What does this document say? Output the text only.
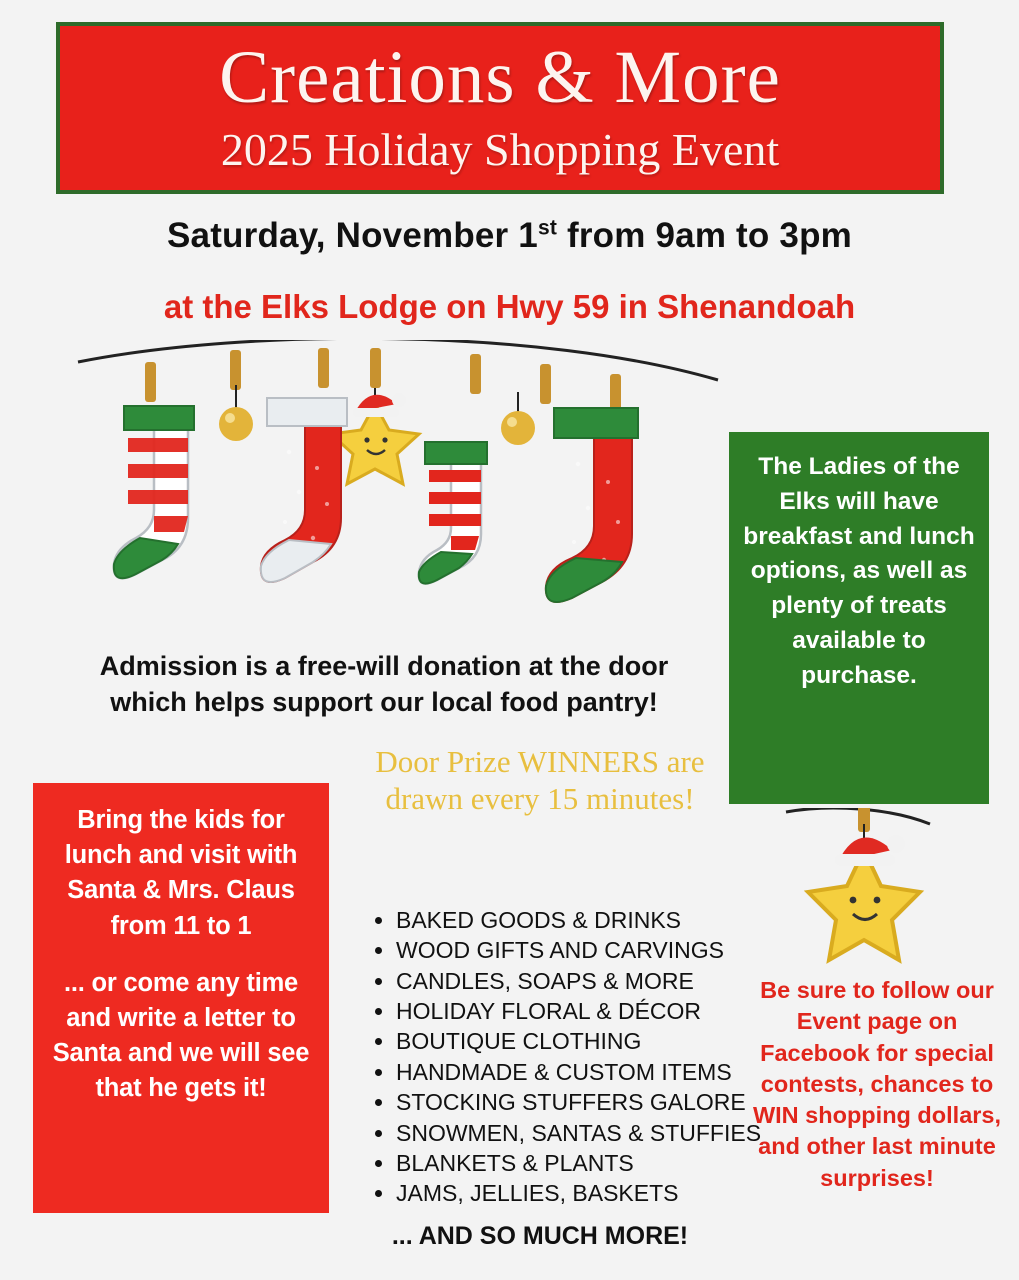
Creations & More
2025 Holiday Shopping Event
Saturday, November 1st from 9am to 3pm
at the Elks Lodge on Hwy 59 in Shenandoah
Admission is a free-will donation at the door
which helps support our local food pantry!
The Ladies of the Elks will have breakfast and lunch options, as well as plenty of treats available to purchase.
Bring the kids for lunch and visit with Santa & Mrs. Claus from 11 to 1
... or come any time and write a letter to Santa and we will see that he gets it!
Door Prize WINNERS are drawn every 15 minutes!
• BAKED GOODS & DRINKS
• WOOD GIFTS AND CARVINGS
• CANDLES, SOAPS & MORE
• HOLIDAY FLORAL & DÉCOR
• BOUTIQUE CLOTHING
• HANDMADE & CUSTOM ITEMS
• STOCKING STUFFERS GALORE
• SNOWMEN, SANTAS & STUFFIES
• BLANKETS & PLANTS
• JAMS, JELLIES, BASKETS
... AND SO MUCH MORE!
Be sure to follow our Event page on Facebook for special contests, chances to WIN shopping dollars, and other last minute surprises!
